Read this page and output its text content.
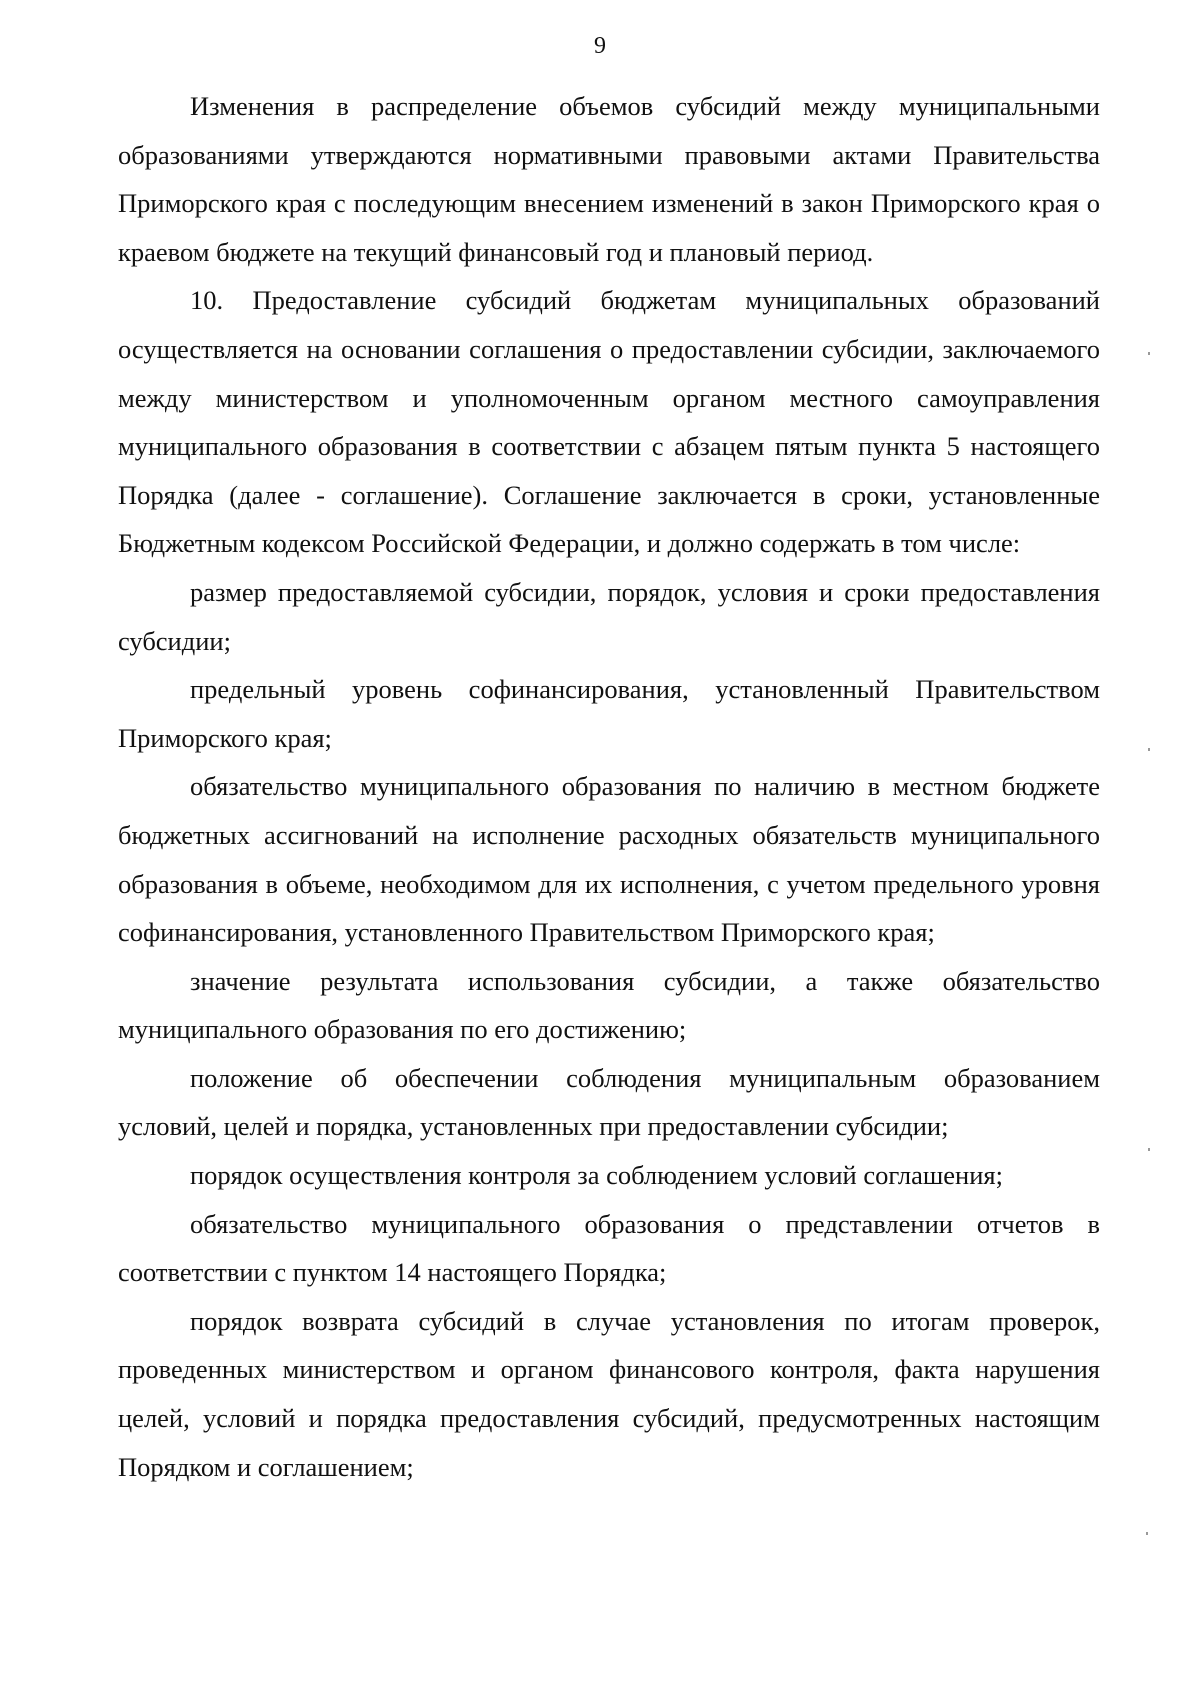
9

Изменения в распределение объемов субсидий между муниципальными образованиями утверждаются нормативными правовыми актами Правительства Приморского края с последующим внесением изменений в закон Приморского края о краевом бюджете на текущий финансовый год и плановый период.

10. Предоставление субсидий бюджетам муниципальных образований осуществляется на основании соглашения о предоставлении субсидии, заключаемого между министерством и уполномоченным органом местного самоуправления муниципального образования в соответствии с абзацем пятым пункта 5 настоящего Порядка (далее - соглашение). Соглашение заключается в сроки, установленные Бюджетным кодексом Российской Федерации, и должно содержать в том числе:

размер предоставляемой субсидии, порядок, условия и сроки предоставления субсидии;

предельный уровень софинансирования, установленный Правительством Приморского края;

обязательство муниципального образования по наличию в местном бюджете бюджетных ассигнований на исполнение расходных обязательств муниципального образования в объеме, необходимом для их исполнения, с учетом предельного уровня софинансирования, установленного Правительством Приморского края;

значение результата использования субсидии, а также обязательство муниципального образования по его достижению;

положение об обеспечении соблюдения муниципальным образованием условий, целей и порядка, установленных при предоставлении субсидии;

порядок осуществления контроля за соблюдением условий соглашения;

обязательство муниципального образования о представлении отчетов в соответствии с пунктом 14 настоящего Порядка;

порядок возврата субсидий в случае установления по итогам проверок, проведенных министерством и органом финансового контроля, факта нарушения целей, условий и порядка предоставления субсидий, предусмотренных настоящим Порядком и соглашением;
